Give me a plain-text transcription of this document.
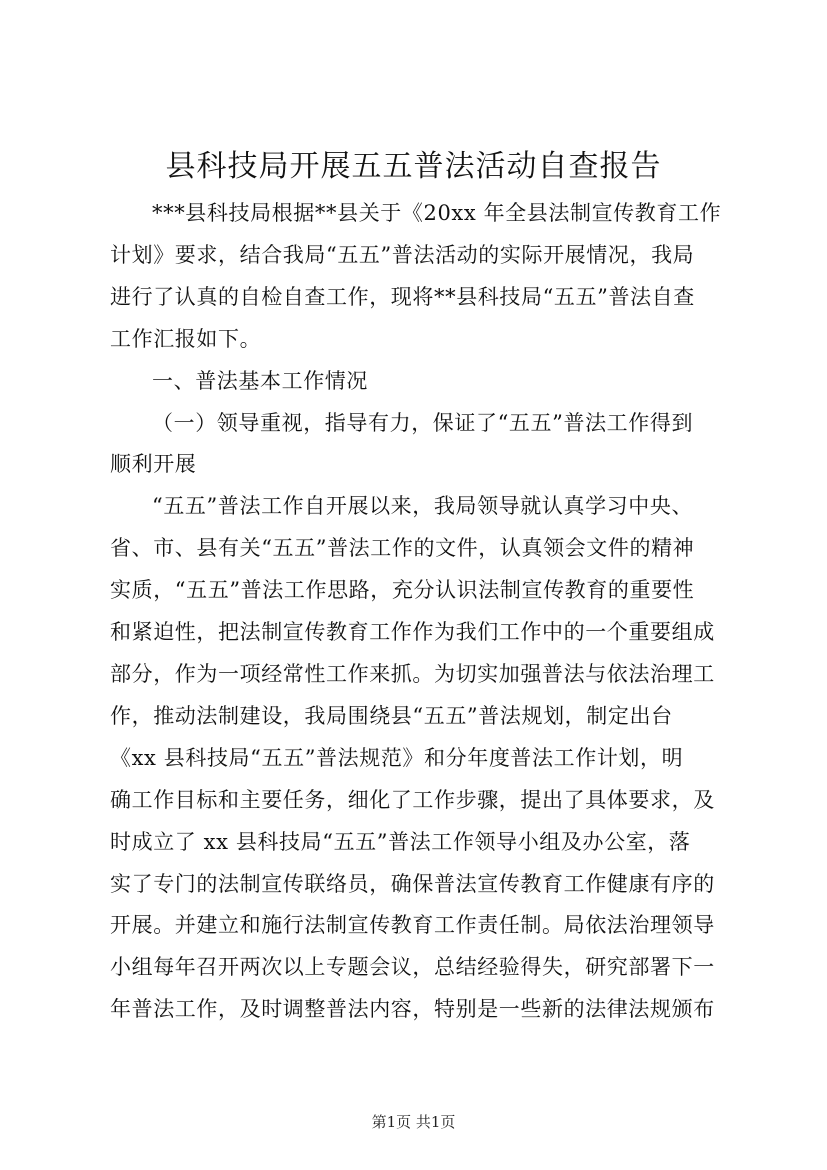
县科技局开展五五普法活动自查报告
***县科技局根据**县关于《20xx 年全县法制宣传教育工作
计划》要求，结合我局“五五”普法活动的实际开展情况，我局
进行了认真的自检自查工作，现将**县科技局“五五”普法自查
工作汇报如下。
一、普法基本工作情况
（一）领导重视，指导有力，保证了“五五”普法工作得到
顺利开展
“五五”普法工作自开展以来，我局领导就认真学习中央、
省、市、县有关“五五”普法工作的文件，认真领会文件的精神
实质，“五五”普法工作思路，充分认识法制宣传教育的重要性
和紧迫性，把法制宣传教育工作作为我们工作中的一个重要组成
部分，作为一项经常性工作来抓。为切实加强普法与依法治理工
作，推动法制建设，我局围绕县“五五”普法规划，制定出台
《xx 县科技局“五五”普法规范》和分年度普法工作计划，明
确工作目标和主要任务，细化了工作步骤，提出了具体要求，及
时成立了 xx 县科技局“五五”普法工作领导小组及办公室，落
实了专门的法制宣传联络员，确保普法宣传教育工作健康有序的
开展。并建立和施行法制宣传教育工作责任制。局依法治理领导
小组每年召开两次以上专题会议，总结经验得失，研究部署下一
年普法工作，及时调整普法内容，特别是一些新的法律法规颁布
第1页 共1页
